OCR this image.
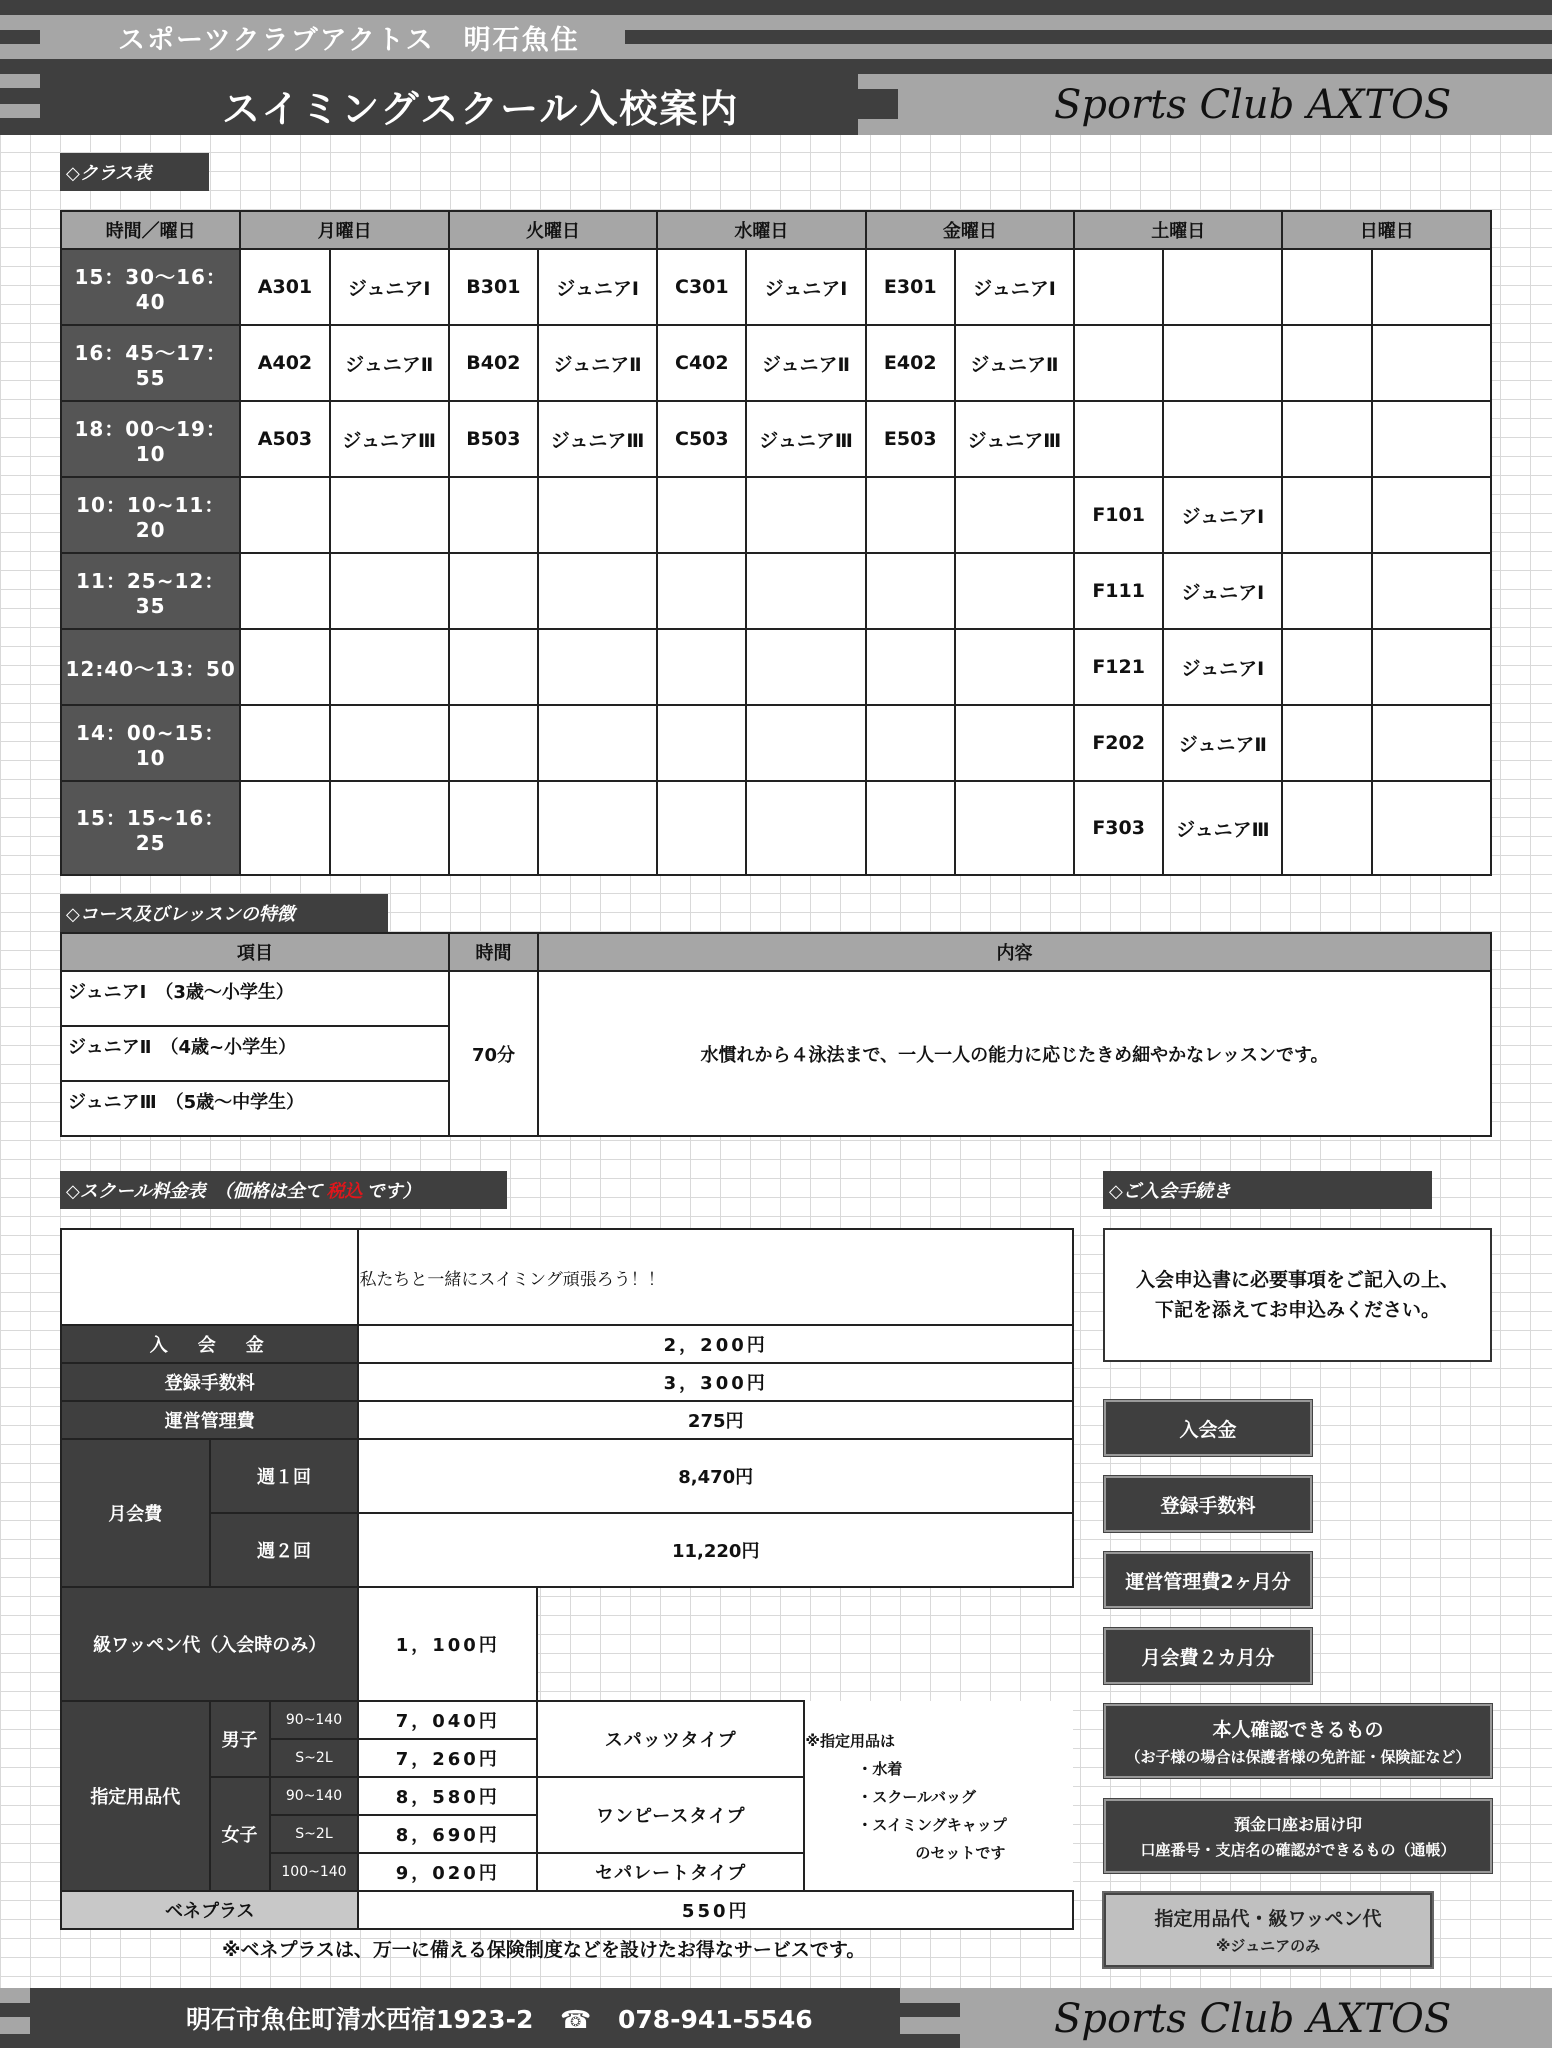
スポーツクラブアクトス　明石魚住
スイミングスクール入校案内	Sports Club AXTOS
◇クラス表
時間／曜日	月曜日		火曜日		水曜日		金曜日		土曜日		日曜日	
15：30～16：40	A301	ジュニアⅠ	B301	ジュニアⅠ	C301	ジュニアⅠ	E301	ジュニアⅠ				
16：45～17：55	A402	ジュニアⅡ	B402	ジュニアⅡ	C402	ジュニアⅡ	E402	ジュニアⅡ				
18：00～19：10	A503	ジュニアⅢ	B503	ジュニアⅢ	C503	ジュニアⅢ	E503	ジュニアⅢ				
10：10~11：20									F101	ジュニアⅠ		
11：25~12：35									F111	ジュニアⅠ		
12:40～13：50									F121	ジュニアⅠ		
14：00~15：10									F202	ジュニアⅡ		
15：15~16：25									F303	ジュニアⅢ		
◇コース及びレッスンの特徴
項目	時間	内容
ジュニアⅠ　（3歳～小学生）	70分	水慣れから４泳法まで、一人一人の能力に応じたきめ細やかなレッスンです。
ジュニアⅡ　（4歳~小学生）		
ジュニアⅢ　（5歳～中学生）		
◇スクール料金表　（価格は全て 税込 です）
			私たちと一緒にスイミング頑張ろう！！		
入　会　金			2，200円		
登録手数料			3，300円		
運営管理費			275円		
月会費	週１回		8,470円		
	週２回		11,220円		
級ワッペン代（入会時のみ）			1，100円		
指定用品代	男子	90~140	7，040円	スパッツタイプ	※指定用品は
・水着
・スクールバッグ
・スイミングキャップ
のセットです

		S~2L	7，260円		
	女子	90~140	8，580円	ワンピースタイプ	
		S~2L	8，690円		
		100~140	9，020円	セパレートタイプ	
ベネプラス			550円		
※ベネプラスは、万一に備える保険制度などを設けたお得なサービスです。
◇ご入会手続き
入会申込書に必要事項をご記入の上、
下記を添えてお申込みください。
入会金
登録手数料
運営管理費2ヶ月分
月会費２カ月分
本人確認できるもの
（お子様の場合は保護者様の免許証・保険証など）
預金口座お届け印
口座番号・支店名の確認ができるもの（通帳）
指定用品代・級ワッペン代
※ジュニアのみ
明石市魚住町清水西宿1923-2 ☎ 078-941-5546	Sports Club AXTOS
